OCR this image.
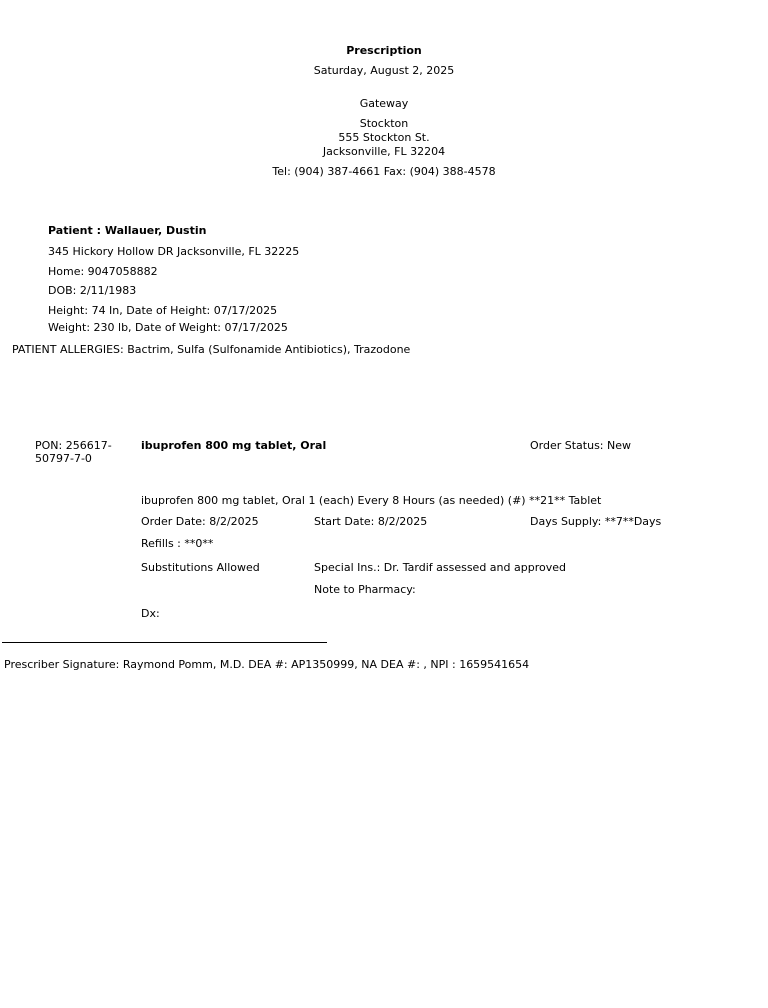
Prescription
Saturday, August 2, 2025
Gateway
Stockton
555 Stockton St.
Jacksonville, FL 32204
Tel: (904) 387-4661 Fax: (904) 388-4578
Patient : Wallauer, Dustin
345 Hickory Hollow DR Jacksonville, FL 32225
Home: 9047058882
DOB: 2/11/1983
Height: 74 In, Date of Height: 07/17/2025
Weight: 230 lb, Date of Weight: 07/17/2025
PATIENT ALLERGIES: Bactrim, Sulfa (Sulfonamide Antibiotics), Trazodone
PON: 256617-
50797-7-0
ibuprofen 800 mg tablet, Oral	Order Status: New
ibuprofen 800 mg tablet, Oral 1 (each) Every 8 Hours (as needed) (#) **21** Tablet
Order Date: 8/2/2025	Start Date: 8/2/2025	Days Supply: **7**Days
Refills : **0**
Substitutions Allowed	Special Ins.: Dr. Tardif assessed and approved
Note to Pharmacy:
Dx:
Prescriber Signature: Raymond Pomm, M.D. DEA #: AP1350999, NA DEA #: , NPI : 1659541654
